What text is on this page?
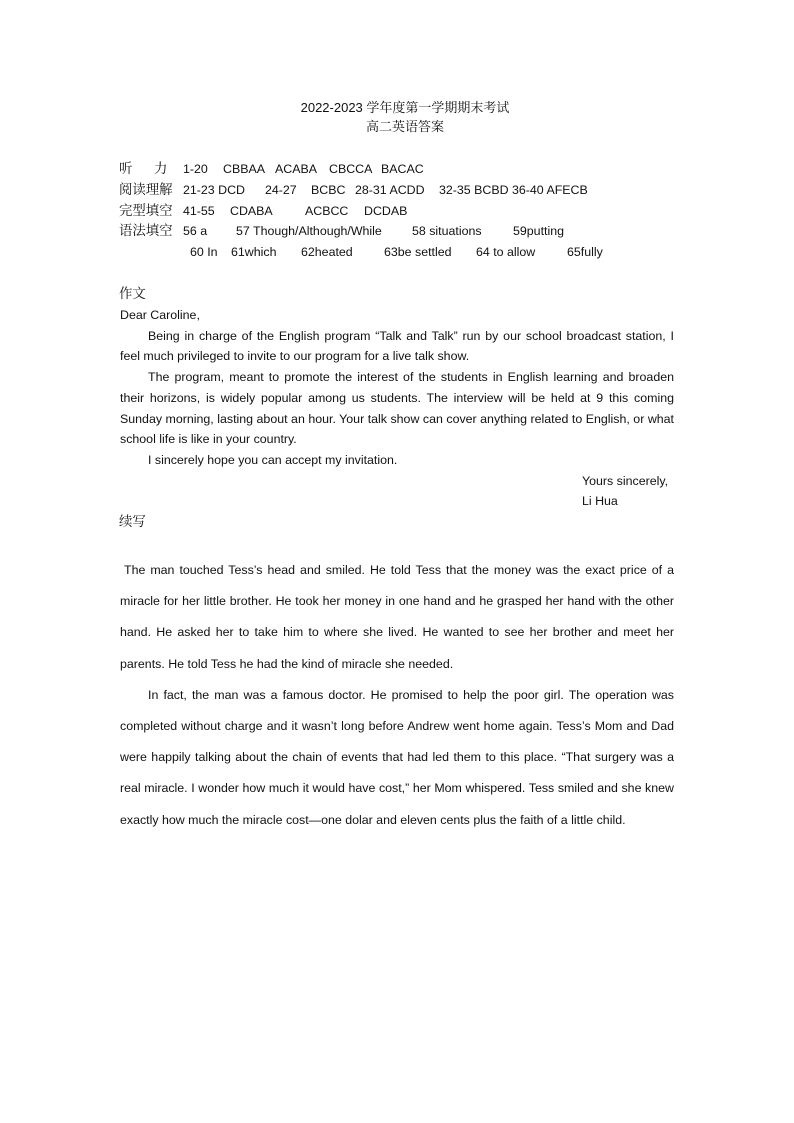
2022-2023 学年度第一学期期末考试
高二英语答案
听 力 1-20 CBBAA ACABA CBCCA BACAC
阅读理解 21-23 DCD 24-27 BCBC 28-31 ACDD 32-35 BCBD 36-40 AFECB
完型填空 41-55 CDABA	ACBCC DCDAB
语法填空 56 a 57 Though/Although/While 58 situations	59putting
60 In 61which 62heated	63be settled 64 to allow	65fully
作文

Dear Caroline,

Being in charge of the English program “Talk and Talk” run by our school broadcast station, I feel much privileged to invite to our program for a live talk show.

The program, meant to promote the interest of the students in English learning and broaden their horizons, is widely popular among us students. The interview will be held at 9 this coming Sunday morning, lasting about an hour. Your talk show can cover anything related to English, or what school life is like in your country.

I sincerely hope you can accept my invitation.

Yours sincerely,
Li Hua
续写

The man touched Tess’s head and smiled. He told Tess that the money was the exact price of a miracle for her little brother. He took her money in one hand and he grasped her hand with the other hand. He asked her to take him to where she lived. He wanted to see her brother and meet her parents. He told Tess he had the kind of miracle she needed.

In fact, the man was a famous doctor. He promised to help the poor girl. The operation was completed without charge and it wasn’t long before Andrew went home again. Tess’s Mom and Dad were happily talking about the chain of events that had led them to this place. “That surgery was a real miracle. I wonder how much it would have cost,” her Mom whispered. Tess smiled and she knew exactly how much the miracle cost—one dolar and eleven cents plus the faith of a little child.
